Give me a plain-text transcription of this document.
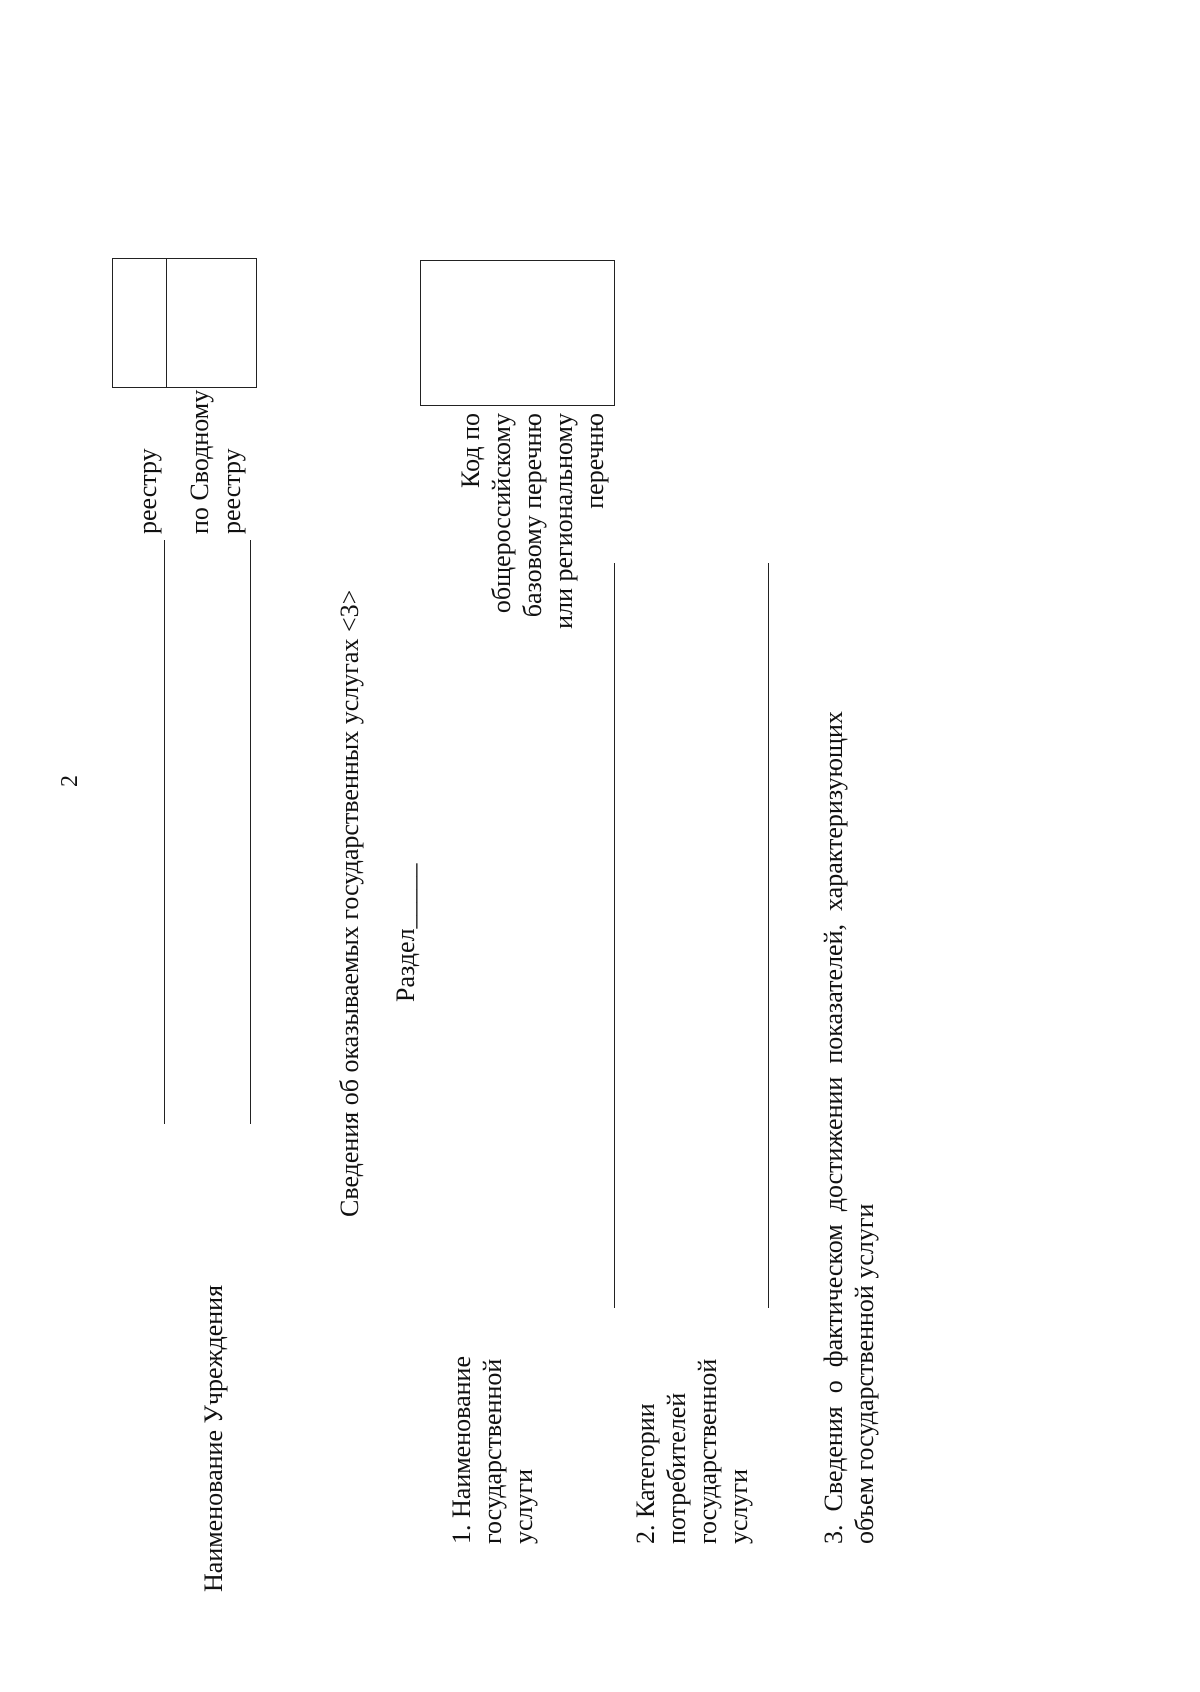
2
Наименование Учреждения
реестру по Сводному реестру
Сведения об оказываемых государственных услугах <3> Раздел_____
1. Наименование государственной услуги
Код по общероссийскому базовому перечню или региональному перечню
2. Категории потребителей государственной услуги	3.  Сведения  о  фактическом  достижении  показателей,  характеризующих объем государственной услуги
